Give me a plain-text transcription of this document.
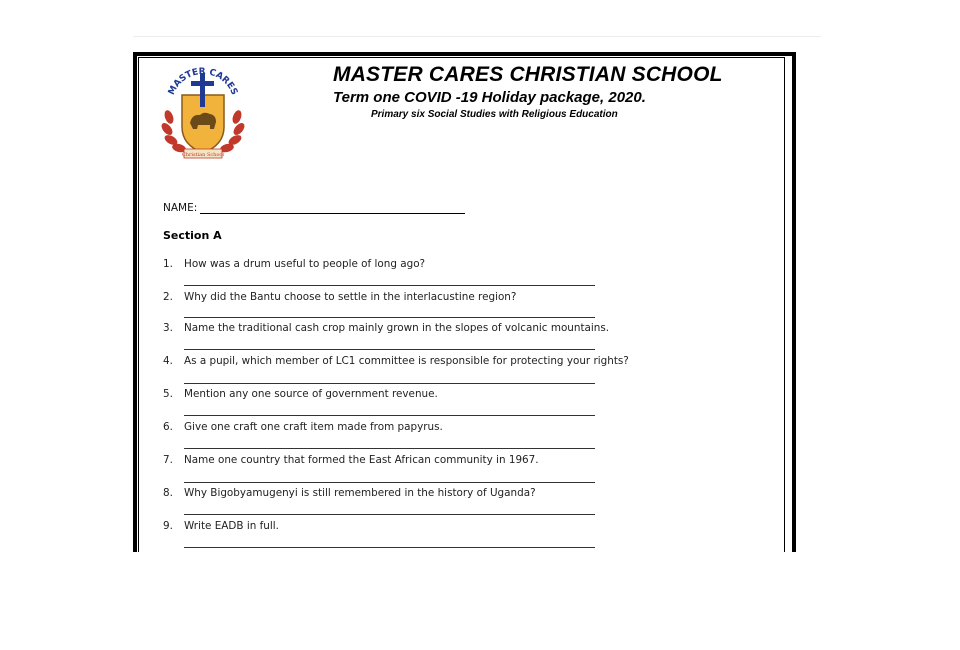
MASTER CARES
Christian School
MASTER CARES CHRISTIAN SCHOOL
Term one COVID -19 Holiday package, 2020.
Primary six Social Studies with Religious Education
NAME:
Section A
1. How was a drum useful to people of long ago?
2. Why did the Bantu choose to settle in the interlacustine region?
3. Name the traditional cash crop mainly grown in the slopes of volcanic mountains.
4. As a pupil, which member of LC1 committee is responsible for protecting your rights?
5. Mention any one source of government revenue.
6. Give one craft one craft item made from papyrus.
7. Name one country that formed the East African community in 1967.
8. Why Bigobyamugenyi is still remembered in the history of Uganda?
9. Write EADB in full.
